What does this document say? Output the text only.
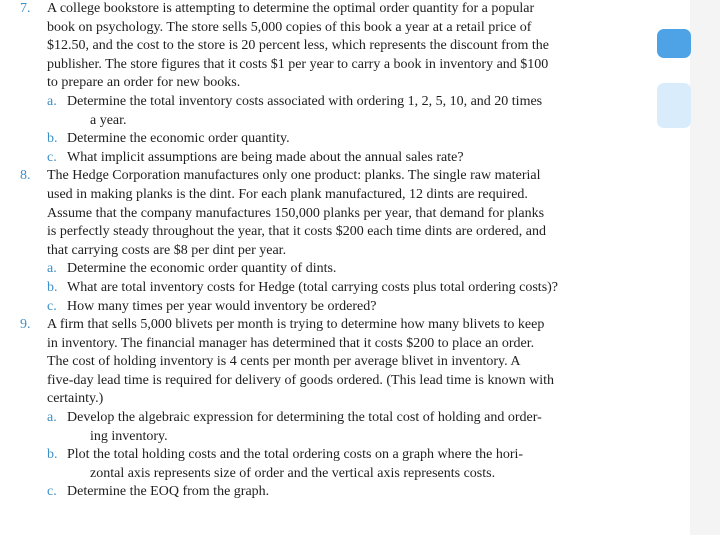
7.	A college bookstore is attempting to determine the optimal order quantity for a popular
book on psychology. The store sells 5,000 copies of this book a year at a retail price of
$12.50, and the cost to the store is 20 percent less, which represents the discount from the
publisher. The store figures that it costs $1 per year to carry a book in inventory and $100
to prepare an order for new books.
a. Determine the total inventory costs associated with ordering 1, 2, 5, 10, and 20 times
a year.
b. Determine the economic order quantity.
c. What implicit assumptions are being made about the annual sales rate?
8.	The Hedge Corporation manufactures only one product: planks. The single raw material
used in making planks is the dint. For each plank manufactured, 12 dints are required.
Assume that the company manufactures 150,000 planks per year, that demand for planks
is perfectly steady throughout the year, that it costs $200 each time dints are ordered, and
that carrying costs are $8 per dint per year.
a. Determine the economic order quantity of dints.
b. What are total inventory costs for Hedge (total carrying costs plus total ordering costs)?
c. How many times per year would inventory be ordered?
9.	A firm that sells 5,000 blivets per month is trying to determine how many blivets to keep
in inventory. The financial manager has determined that it costs $200 to place an order.
The cost of holding inventory is 4 cents per month per average blivet in inventory. A
five-day lead time is required for delivery of goods ordered. (This lead time is known with
certainty.)
a. Develop the algebraic expression for determining the total cost of holding and order-
ing inventory.
b. Plot the total holding costs and the total ordering costs on a graph where the hori-
zontal axis represents size of order and the vertical axis represents costs.
c. Determine the EOQ from the graph.
